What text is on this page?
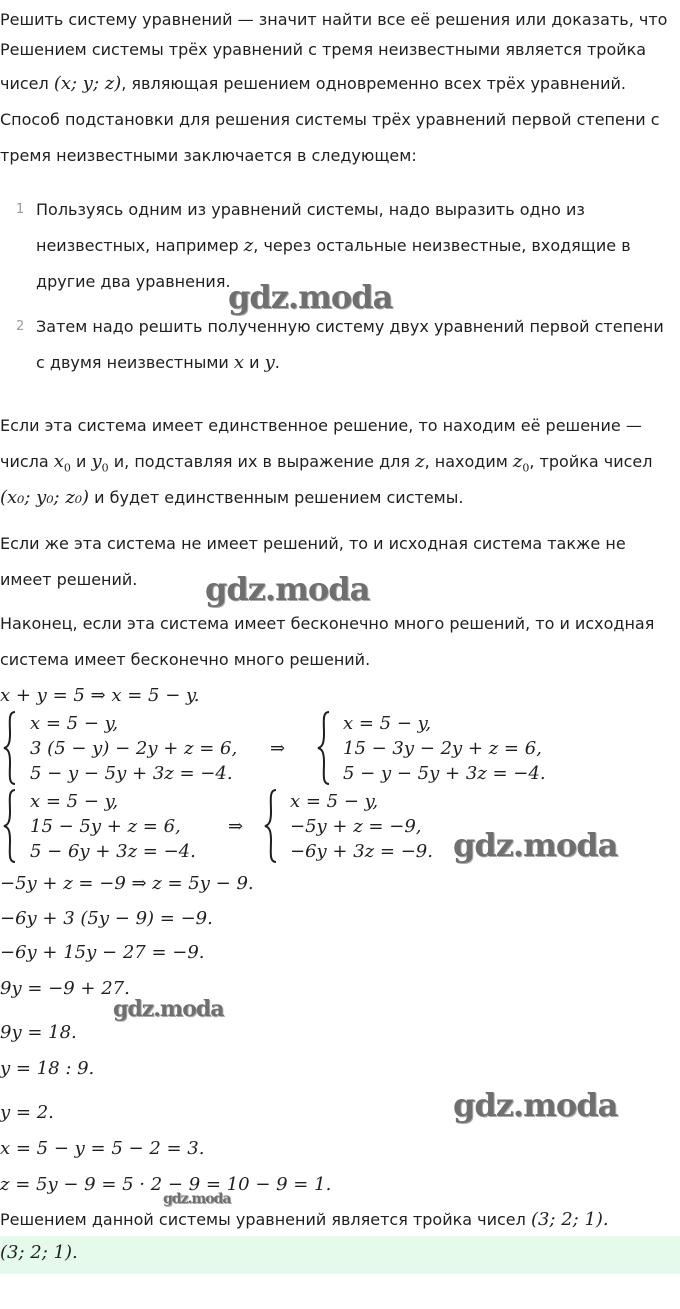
Решить систему уравнений — значит найти все её решения или доказать, что

Решением системы трёх уравнений с тремя неизвестными является тройка

чисел (x; y; z), являющая решением одновременно всех трёх уравнений.

Способ подстановки для решения системы трёх уравнений первой степени с

тремя неизвестными заключается в следующем:

1 Пользуясь одним из уравнений системы, надо выразить одно из
неизвестных, например z, через остальные неизвестные, входящие в
другие два уравнения.
2 Затем надо решить полученную систему двух уравнений первой степени
с двумя неизвестными x и y.

Если эта система имеет единственное решение, то находим её решение —

числа $x_0$ и $y_0$ и, подставляя их в выражение для z, находим $z_0$, тройка чисел

(x₀; y₀; z₀) и будет единственным решением системы.

Если же эта система не имеет решений, то и исходная система также не

имеет решений.

Наконец, если эта система имеет бесконечно много решений, то и исходная

система имеет бесконечно много решений.

x + y = 5 ⇒ x = 5 − y.
x = 5 − y,
3 (5 − y) − 2y + z = 6,
5 − y − 5y + 3z = −4.
⇒
x = 5 − y,
15 − 3y − 2y + z = 6,
5 − y − 5y + 3z = −4.
x = 5 − y,
15 − 5y + z = 6,
5 − 6y + 3z = −4.
⇒
x = 5 − y,
−5y + z = −9,
−6y + 3z = −9.
−5y + z = −9 ⇒ z = 5y − 9.
−6y + 3 (5y − 9) = −9.
−6y + 15y − 27 = −9.
9y = −9 + 27.
9y = 18.
y = 18 : 9.
y = 2.
x = 5 − y = 5 − 2 = 3.
z = 5y − 9 = 5 · 2 − 9 = 10 − 9 = 1.

Решением данной системы уравнений является тройка чисел (3; 2; 1).

(3; 2; 1).
gdz.moda
gdz.moda
gdz.moda
gdz.moda
gdz.moda
gdz.moda
